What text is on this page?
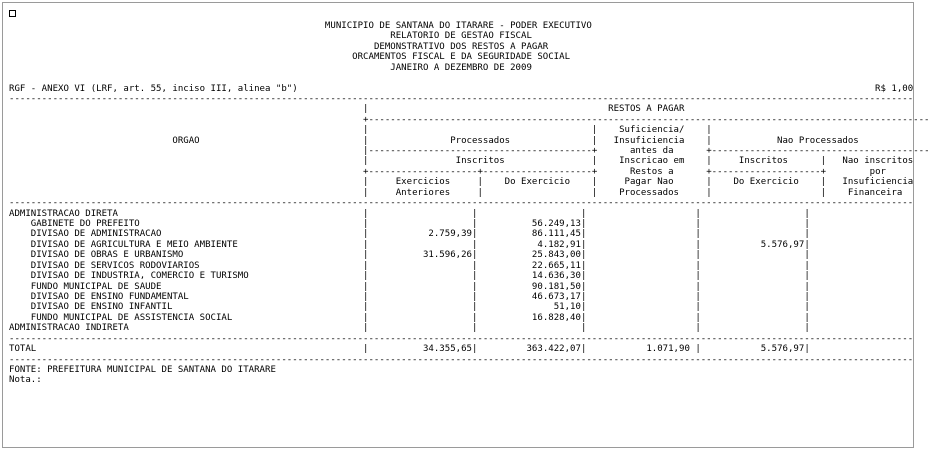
MUNICIPIO DE SANTANA DO ITARARE - PODER EXECUTIVO
RELATORIO DE GESTAO FISCAL
DEMONSTRATIVO DOS RESTOS A PAGAR
ORCAMENTOS FISCAL E DA SEGURIDADE SOCIAL
JANEIRO A DEZEMBRO DE 2009

RGF - ANEXO VI (LRF, art. 55, inciso III, alinea "b")	R$ 1,00
----------------------------------------------------------------------------------------------------------------------------------------------------------------------
|                                            RESTOS A PAGAR
+-------------------------------------------------------------------------------------------------------
|	|    Suficiencia/    |
ORGAO                              |               Processados               |   Insuficiencia    |            Nao Processados
|-----------------------------------------+      antes da      +----------------------------------------
|                Inscritos                |    Inscricao em    |     Inscritos      |   Nao inscritos
+--------------------+--------------------+      Restos a      +--------------------+        por
|     Exercicios     |    Do Exercicio    |     Pagar Nao      |    Do Exercicio    |   Insuficiencia
|     Anteriores     |	|    Processados     |	|    Financeira
----------------------------------------------------------------------------------------------------------------------------------------------------------------------
ADMINISTRACAO DIRETA                                             |	|	|	|	|
GABINETE DO PREFEITO                                         |	|          56.249,13|	|	|
DIVISAO DE ADMINISTRACAO                                     |           2.759,39|          86.111,45|	|	|
DIVISAO DE AGRICULTURA E MEIO AMBIENTE                       |	|           4.182,91|	|           5.576,97|
DIVISAO DE OBRAS E URBANISMO                                 |          31.596,26|          25.843,00|	|	|
DIVISAO DE SERVICOS RODOVIARIOS                              |	|          22.665,11|	|	|
DIVISAO DE INDUSTRIA, COMERCIO E TURISMO                     |	|          14.636,30|	|	|
FUNDO MUNICIPAL DE SAUDE                                     |	|          90.181,50|	|	|
DIVISAO DE ENSINO FUNDAMENTAL                                |	|          46.673,17|	|	|
DIVISAO DE ENSINO INFANTIL                                   |	|              51,10|	|	|
FUNDO MUNICIPAL DE ASSISTENCIA SOCIAL                        |	|          16.828,40|	|	|
ADMINISTRACAO INDIRETA                                           |	|	|	|	|
----------------------------------------------------------------------------------------------------------------------------------------------------------------------
TOTAL                                                            |          34.355,65|         363.422,07|           1.071,90 |           5.576,97|
----------------------------------------------------------------------------------------------------------------------------------------------------------------------
FONTE: PREFEITURA MUNICIPAL DE SANTANA DO ITARARE
Nota.:
